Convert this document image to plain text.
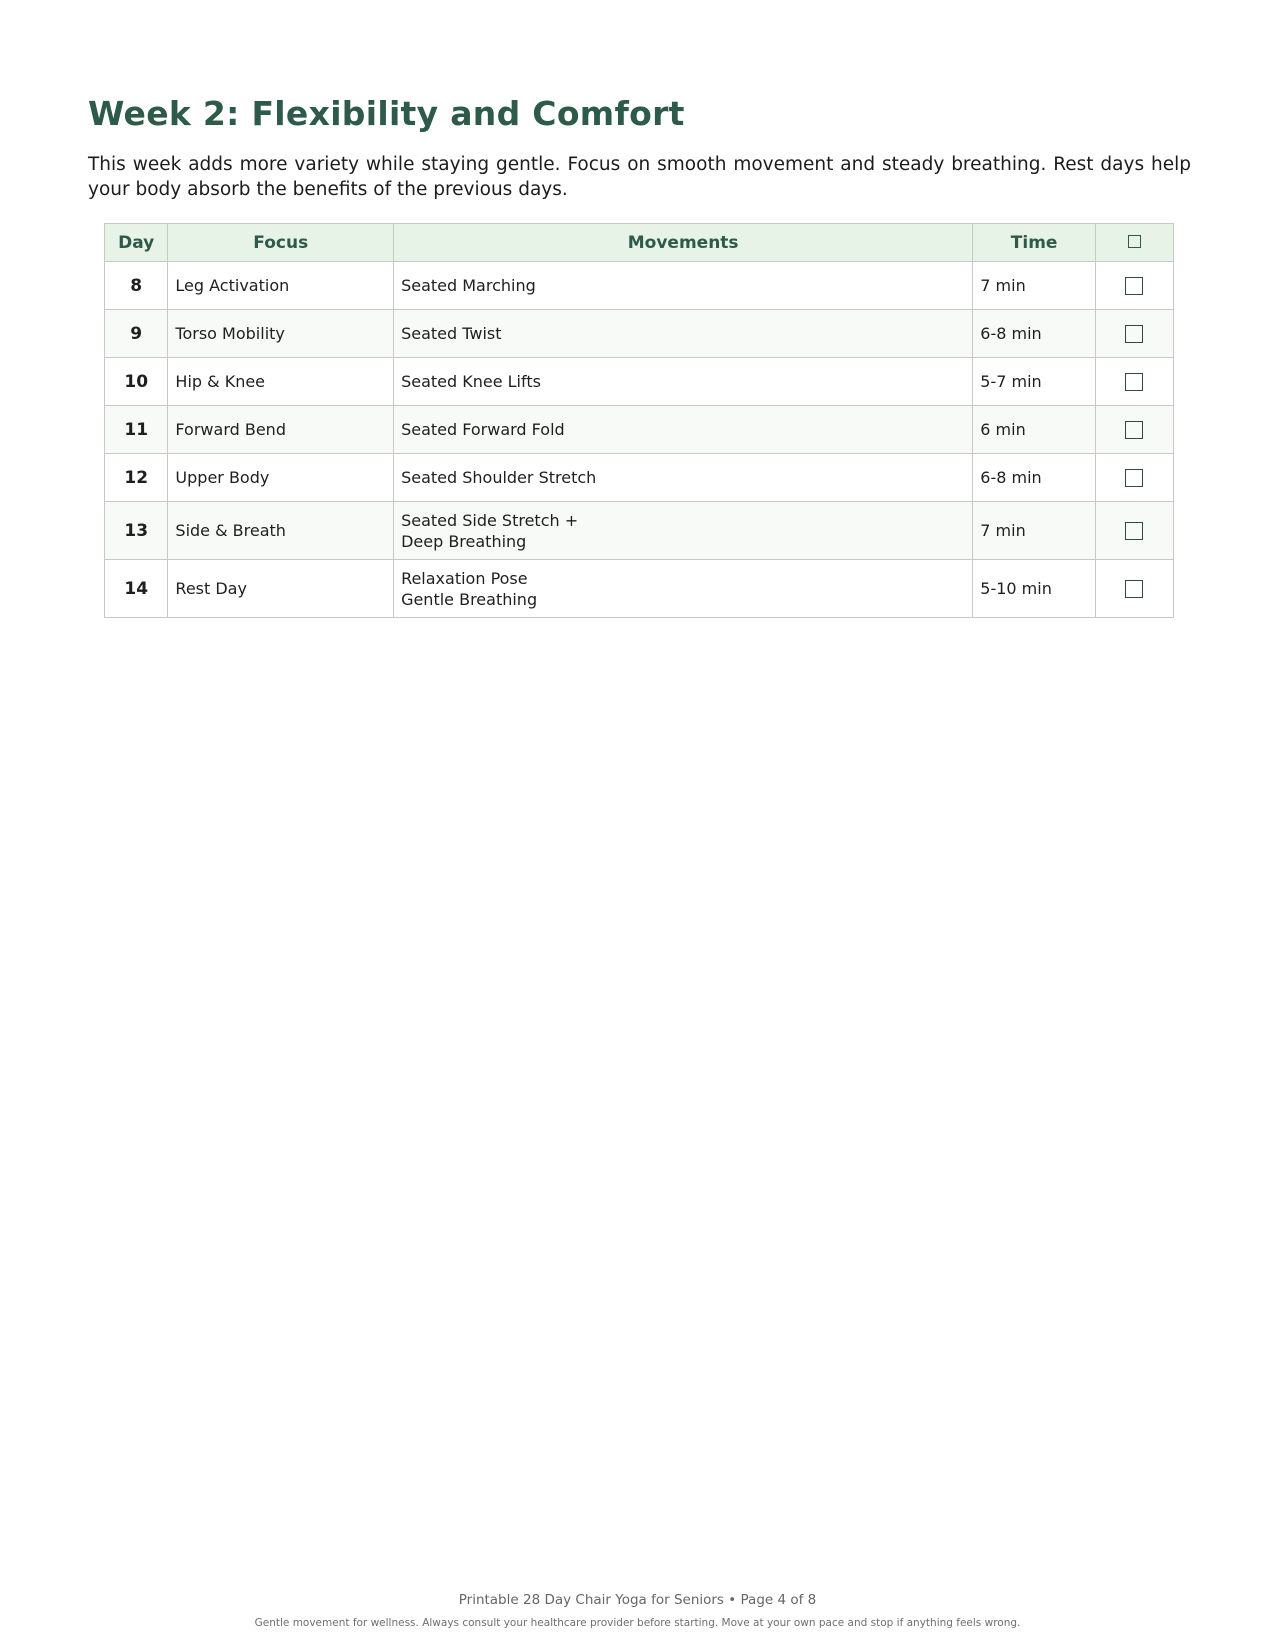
Week 2: Flexibility and Comfort

This week adds more variety while staying gentle. Focus on smooth movement and steady breathing. Rest days help your body absorb the benefits of the previous days.

Day	Focus	Movements	Time	
8	Leg Activation	Seated Marching	7 min	
9	Torso Mobility	Seated Twist	6-8 min	
10	Hip & Knee	Seated Knee Lifts	5-7 min	
11	Forward Bend	Seated Forward Fold	6 min	
12	Upper Body	Seated Shoulder Stretch	6-8 min	
13	Side & Breath	Seated Side Stretch +
Deep Breathing	7 min	
14	Rest Day	Relaxation Pose
Gentle Breathing	5-10 min	
Printable 28 Day Chair Yoga for Seniors • Page 4 of 8
Gentle movement for wellness. Always consult your healthcare provider before starting. Move at your own pace and stop if anything feels wrong.
